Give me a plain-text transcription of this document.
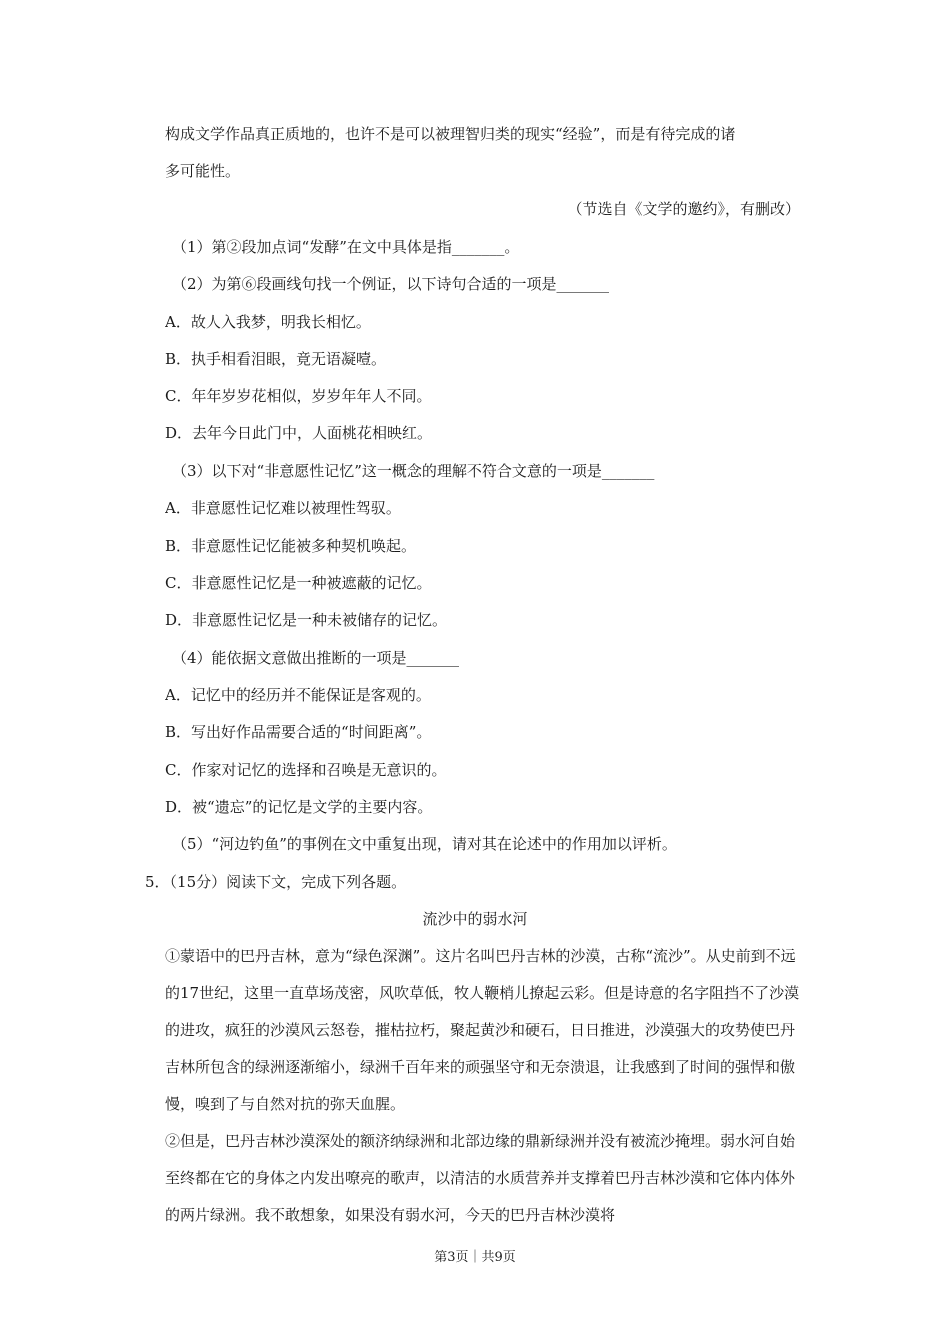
构成文学作品真正质地的，也许不是可以被理智归类的现实“经验”，而是有待完成的诸
多可能性。
（节选自《文学的邀约》，有删改）
（1）第②段加点词“发酵”在文中具体是指_______。
（2）为第⑥段画线句找一个例证，以下诗句合适的一项是_______
A．故人入我梦，明我长相忆。
B．执手相看泪眼，竟无语凝噎。
C．年年岁岁花相似，岁岁年年人不同。
D．去年今日此门中，人面桃花相映红。
（3）以下对“非意愿性记忆”这一概念的理解不符合文意的一项是_______
A．非意愿性记忆难以被理性驾驭。
B．非意愿性记忆能被多种契机唤起。
C．非意愿性记忆是一种被遮蔽的记忆。
D．非意愿性记忆是一种未被储存的记忆。
（4）能依据文意做出推断的一项是_______
A．记忆中的经历并不能保证是客观的。
B．写出好作品需要合适的“时间距离”。
C．作家对记忆的选择和召唤是无意识的。
D．被“遗忘”的记忆是文学的主要内容。
（5）“河边钓鱼”的事例在文中重复出现，请对其在论述中的作用加以评析。
5．（15分）阅读下文，完成下列各题。
流沙中的弱水河
①蒙语中的巴丹吉林，意为“绿色深渊”。这片名叫巴丹吉林的沙漠，古称“流沙”。从史前到不远的17世纪，这里一直草场茂密，风吹草低，牧人鞭梢儿撩起云彩。但是诗意的名字阻挡不了沙漠的进攻，疯狂的沙漠风云怒卷，摧枯拉朽，聚起黄沙和硬石，日日推进，沙漠强大的攻势使巴丹吉林所包含的绿洲逐渐缩小，绿洲千百年来的顽强坚守和无奈溃退，让我感到了时间的强悍和傲慢，嗅到了与自然对抗的弥天血腥。
②但是，巴丹吉林沙漠深处的额济纳绿洲和北部边缘的鼎新绿洲并没有被流沙掩埋。弱水河自始至终都在它的身体之内发出嘹亮的歌声，以清洁的水质营养并支撑着巴丹吉林沙漠和它体内体外的两片绿洲。我不敢想象，如果没有弱水河，今天的巴丹吉林沙漠将
第3页｜共9页
